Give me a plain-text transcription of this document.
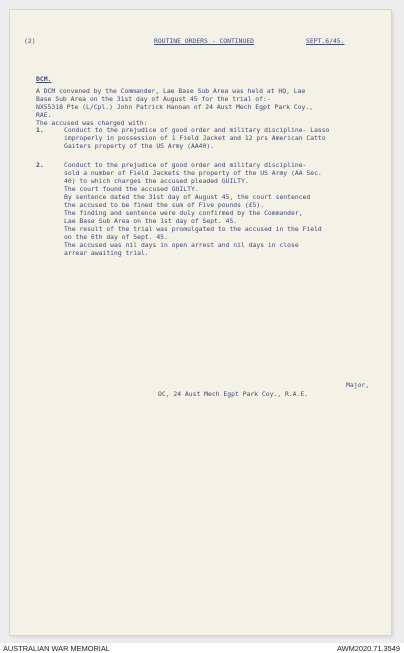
(2)	ROUTINE ORDERS - CONTINUED	SEPT.6/45.
DCM.
A DCM convened by the Commander, Lae Base Sub Area was held at HQ, Lae
Base Sub Area on the 31st day of August 45 for the trial of:-
NX55318 Pte (L/Cpl.) John Patrick Hannan of 24 Aust Mech Egpt Park Coy.,
RAE.
The accused was charged with:
1.	Conduct to the prejudice of good order and military discipline- Lasso
improperly in possession of 1 Field Jacket and 12 prs American Catto
Gaiters property of the US Army (AA40).
2.	Conduct to the prejudice of good order and military discipline-
sold a number of Field Jackets the property of the US Army (AA Sec.
40) to which charges the accused pleaded GUILTY.
The court found the accused GUILTY.
By sentence dated the 31st day of August 45, the court sentenced
the accused to be fined the sum of Five pounds (£5).
The finding and sentence were duly confirmed by the Commander,
Lae Base Sub Area on the 1st day of Sept. 45.
The result of the trial was promulgated to the accused in the Field
on the 6th day of Sept. 45.
The accused was nil days in open arrest and nil days in close
arrear awaiting trial.
Major,
OC, 24 Aust Mech Egpt Park Coy., R.A.E.
AUSTRALIAN WAR MEMORIAL	AWM2020.71.3549
